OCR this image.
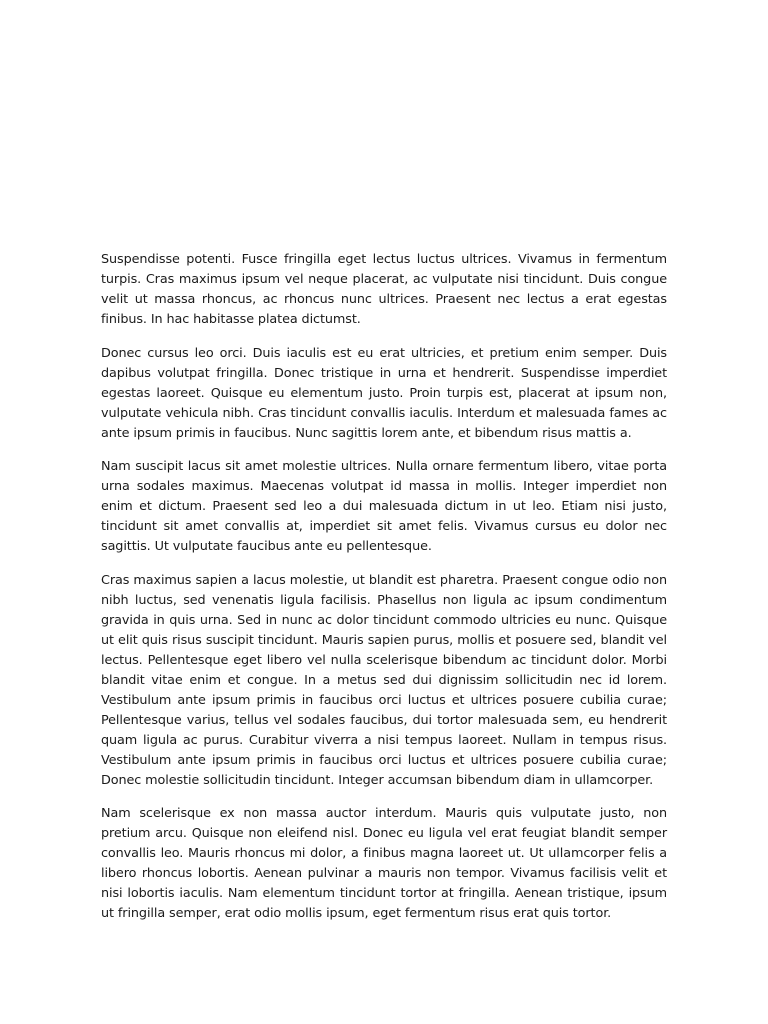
Suspendisse potenti. Fusce fringilla eget lectus luctus ultrices. Vivamus in fermentum turpis. Cras maximus ipsum vel neque placerat, ac vulputate nisi tincidunt. Duis congue velit ut massa rhoncus, ac rhoncus nunc ultrices. Praesent nec lectus a erat egestas finibus. In hac habitasse platea dictumst.

Donec cursus leo orci. Duis iaculis est eu erat ultricies, et pretium enim semper. Duis dapibus volutpat fringilla. Donec tristique in urna et hendrerit. Suspendisse imperdiet egestas laoreet. Quisque eu elementum justo. Proin turpis est, placerat at ipsum non, vulputate vehicula nibh. Cras tincidunt convallis iaculis. Interdum et malesuada fames ac ante ipsum primis in faucibus. Nunc sagittis lorem ante, et bibendum risus mattis a.

Nam suscipit lacus sit amet molestie ultrices. Nulla ornare fermentum libero, vitae porta urna sodales maximus. Maecenas volutpat id massa in mollis. Integer imperdiet non enim et dictum. Praesent sed leo a dui malesuada dictum in ut leo. Etiam nisi justo, tincidunt sit amet convallis at, imperdiet sit amet felis. Vivamus cursus eu dolor nec sagittis. Ut vulputate faucibus ante eu pellentesque.

Cras maximus sapien a lacus molestie, ut blandit est pharetra. Praesent congue odio non nibh luctus, sed venenatis ligula facilisis. Phasellus non ligula ac ipsum condimentum gravida in quis urna. Sed in nunc ac dolor tincidunt commodo ultricies eu nunc. Quisque ut elit quis risus suscipit tincidunt. Mauris sapien purus, mollis et posuere sed, blandit vel lectus. Pellentesque eget libero vel nulla scelerisque bibendum ac tincidunt dolor. Morbi blandit vitae enim et congue. In a metus sed dui dignissim sollicitudin nec id lorem. Vestibulum ante ipsum primis in faucibus orci luctus et ultrices posuere cubilia curae; Pellentesque varius, tellus vel sodales faucibus, dui tortor malesuada sem, eu hendrerit quam ligula ac purus. Curabitur viverra a nisi tempus laoreet. Nullam in tempus risus. Vestibulum ante ipsum primis in faucibus orci luctus et ultrices posuere cubilia curae; Donec molestie sollicitudin tincidunt. Integer accumsan bibendum diam in ullamcorper.

Nam scelerisque ex non massa auctor interdum. Mauris quis vulputate justo, non pretium arcu. Quisque non eleifend nisl. Donec eu ligula vel erat feugiat blandit semper convallis leo. Mauris rhoncus mi dolor, a finibus magna laoreet ut. Ut ullamcorper felis a libero rhoncus lobortis. Aenean pulvinar a mauris non tempor. Vivamus facilisis velit et nisi lobortis iaculis. Nam elementum tincidunt tortor at fringilla. Aenean tristique, ipsum ut fringilla semper, erat odio mollis ipsum, eget fermentum risus erat quis tortor.
